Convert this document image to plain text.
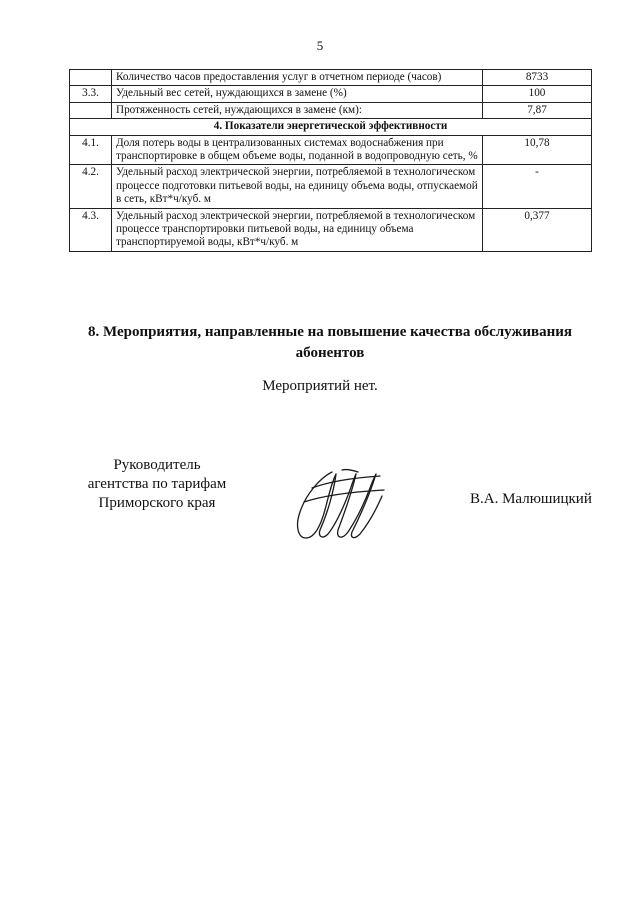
5
	Количество часов предоставления услуг в отчетном периоде (часов)	8733
3.3.	Удельный вес сетей, нуждающихся в замене (%)	100
	Протяженность сетей, нуждающихся в замене (км):	7,87
4. Показатели энергетической эффективности		
4.1.	Доля потерь воды в централизованных системах водоснабжения при транспортировке в общем объеме воды, поданной в водопроводную сеть, %	10,78
4.2.	Удельный расход электрической энергии, потребляемой в технологическом процессе подготовки питьевой воды, на единицу объема воды, отпускаемой в сеть, кВт*ч/куб. м	-
4.3.	Удельный расход электрической энергии, потребляемой в технологическом процессе транспортировки питьевой воды, на единицу объема транспортируемой воды, кВт*ч/куб. м	0,377
8. Мероприятия, направленные на повышение качества обслуживания абонентов
Мероприятий нет.
Руководитель
агентства по тарифам
Приморского края	В.А. Малюшицкий
